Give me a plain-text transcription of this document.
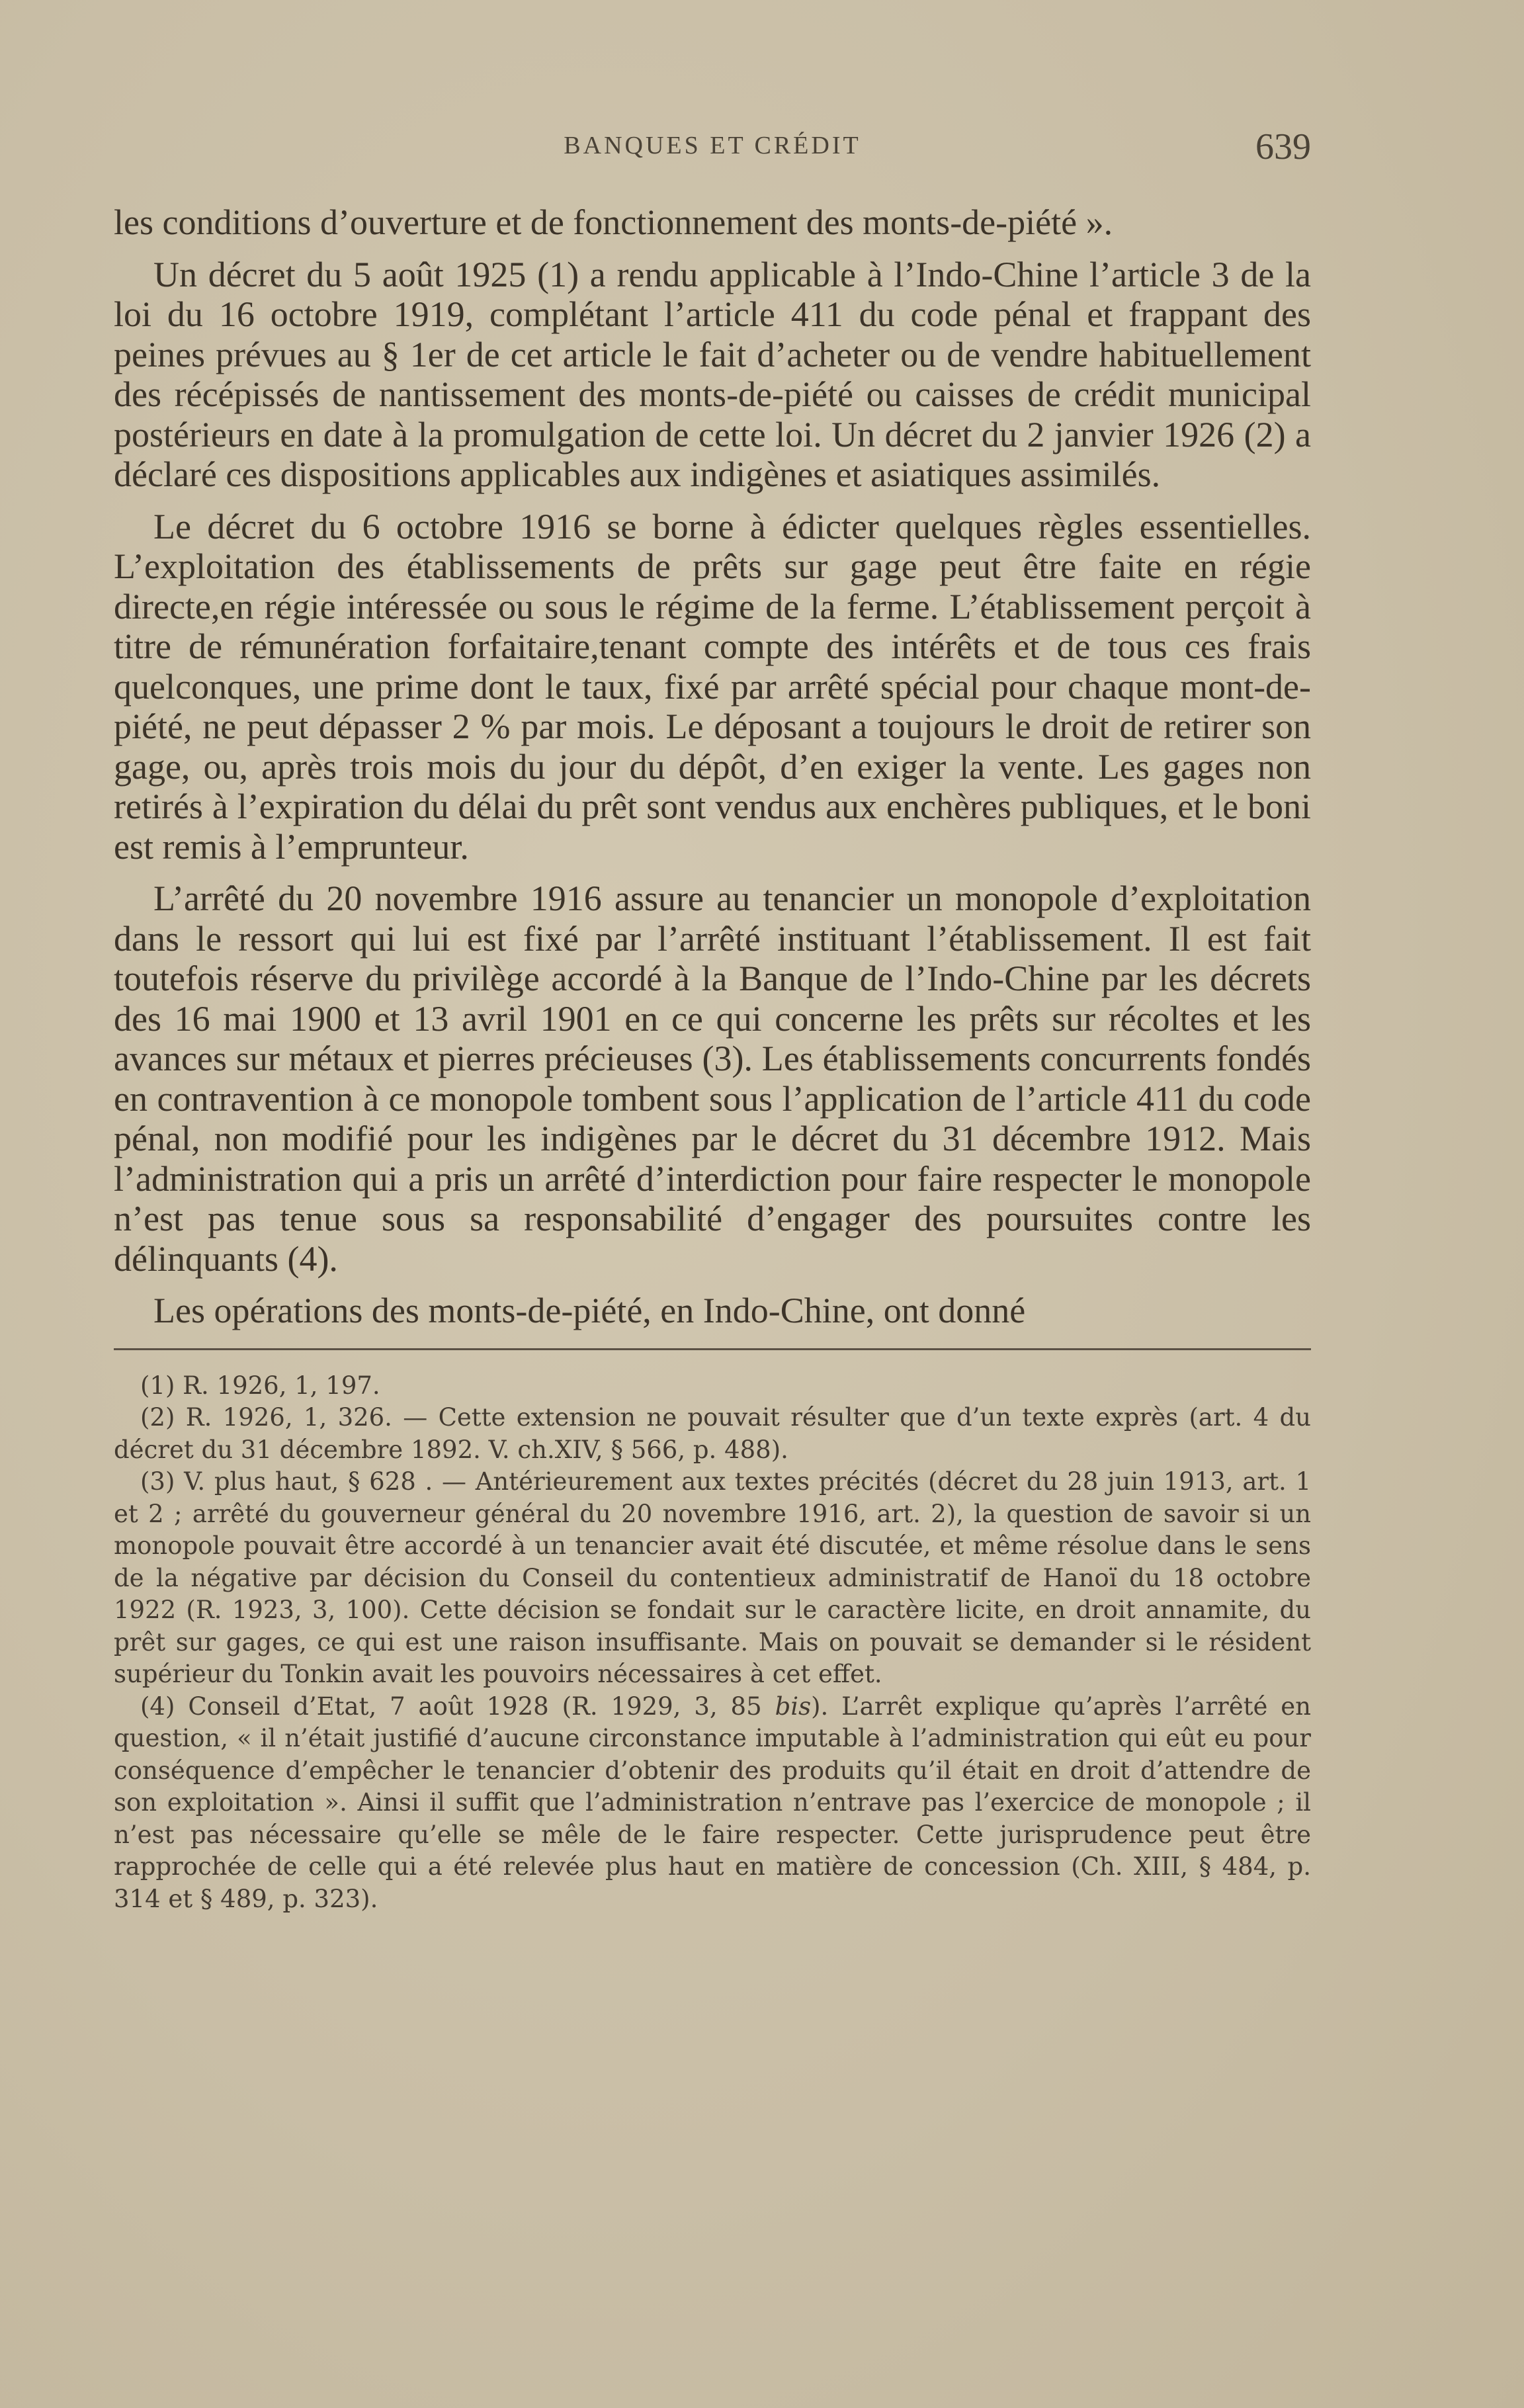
BANQUES ET CRÉDIT	639

les conditions d’ouverture et de fonctionnement des monts-de-piété ».

Un décret du 5 août 1925 (1) a rendu applicable à l’Indo-Chine l’article 3 de la loi du 16 octobre 1919, complétant l’article 411 du code pénal et frappant des peines prévues au § 1er de cet article le fait d’acheter ou de vendre habituellement des récépissés de nantissement des monts-de-piété ou caisses de crédit municipal postérieurs en date à la promulgation de cette loi. Un décret du 2 janvier 1926 (2) a déclaré ces dispositions applicables aux indigènes et asiatiques assimilés.

Le décret du 6 octobre 1916 se borne à édicter quelques règles essentielles. L’exploitation des établissements de prêts sur gage peut être faite en régie directe,en régie intéressée ou sous le régime de la ferme. L’établissement perçoit à titre de rémunération forfaitaire,tenant compte des intérêts et de tous ces frais quelconques, une prime dont le taux, fixé par arrêté spécial pour chaque mont-de-piété, ne peut dépasser 2 % par mois. Le déposant a toujours le droit de retirer son gage, ou, après trois mois du jour du dépôt, d’en exiger la vente. Les gages non retirés à l’expiration du délai du prêt sont vendus aux enchères publiques, et le boni est remis à l’emprunteur.

L’arrêté du 20 novembre 1916 assure au tenancier un monopole d’exploitation dans le ressort qui lui est fixé par l’arrêté instituant l’établissement. Il est fait toutefois réserve du privilège accordé à la Banque de l’Indo-Chine par les décrets des 16 mai 1900 et 13 avril 1901 en ce qui concerne les prêts sur récoltes et les avances sur métaux et pierres précieuses (3). Les établissements concurrents fondés en contravention à ce monopole tombent sous l’application de l’article 411 du code pénal, non modifié pour les indigènes par le décret du 31 décembre 1912. Mais l’administration qui a pris un arrêté d’interdiction pour faire respecter le monopole n’est pas tenue sous sa responsabilité d’engager des poursuites contre les délinquants (4).

Les opérations des monts-de-piété, en Indo-Chine, ont donné

(1) R. 1926, 1, 197.

(2) R. 1926, 1, 326. — Cette extension ne pouvait résulter que d’un texte exprès (art. 4 du décret du 31 décembre 1892. V. ch.XIV, § 566, p. 488).

(3) V. plus haut, § 628 . — Antérieurement aux textes précités (décret du 28 juin 1913, art. 1 et 2 ; arrêté du gouverneur général du 20 novembre 1916, art. 2), la question de savoir si un monopole pouvait être accordé à un tenancier avait été discutée, et même résolue dans le sens de la négative par décision du Conseil du contentieux administratif de Hanoï du 18 octobre 1922 (R. 1923, 3, 100). Cette décision se fondait sur le caractère licite, en droit annamite, du prêt sur gages, ce qui est une raison insuffisante. Mais on pouvait se demander si le résident supérieur du Tonkin avait les pouvoirs nécessaires à cet effet.

(4) Conseil d’Etat, 7 août 1928 (R. 1929, 3, 85 bis). L’arrêt explique qu’après l’arrêté en question, « il n’était justifié d’aucune circonstance imputable à l’administration qui eût eu pour conséquence d’empêcher le tenancier d’obtenir des produits qu’il était en droit d’attendre de son exploitation ». Ainsi il suffit que l’administration n’entrave pas l’exercice de monopole ; il n’est pas nécessaire qu’elle se mêle de le faire respecter. Cette jurisprudence peut être rapprochée de celle qui a été relevée plus haut en matière de concession (Ch. XIII, § 484, p. 314 et § 489, p. 323).
